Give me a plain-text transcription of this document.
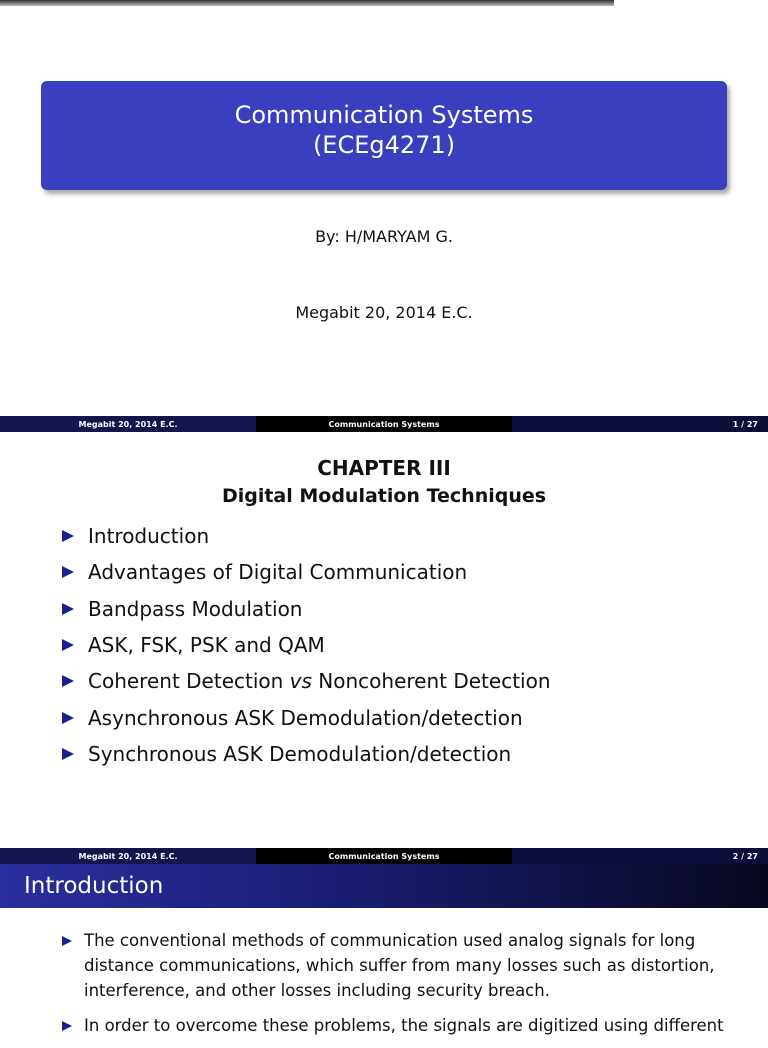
Communication Systems
(ECEg4271)
By: H/MARYAM G.
Megabit 20, 2014 E.C.
Megabit 20, 2014 E.C.	Communication Systems	1 / 27
CHAPTER III
Digital Modulation Techniques
Introduction
Advantages of Digital Communication
Bandpass Modulation
ASK, FSK, PSK and QAM
Coherent Detection vs Noncoherent Detection
Asynchronous ASK Demodulation/detection
Synchronous ASK Demodulation/detection
Megabit 20, 2014 E.C.	Communication Systems	2 / 27
Introduction
The conventional methods of communication used analog signals for long distance communications, which suffer from many losses such as distortion, interference, and other losses including security breach.
In order to overcome these problems, the signals are digitized using different
